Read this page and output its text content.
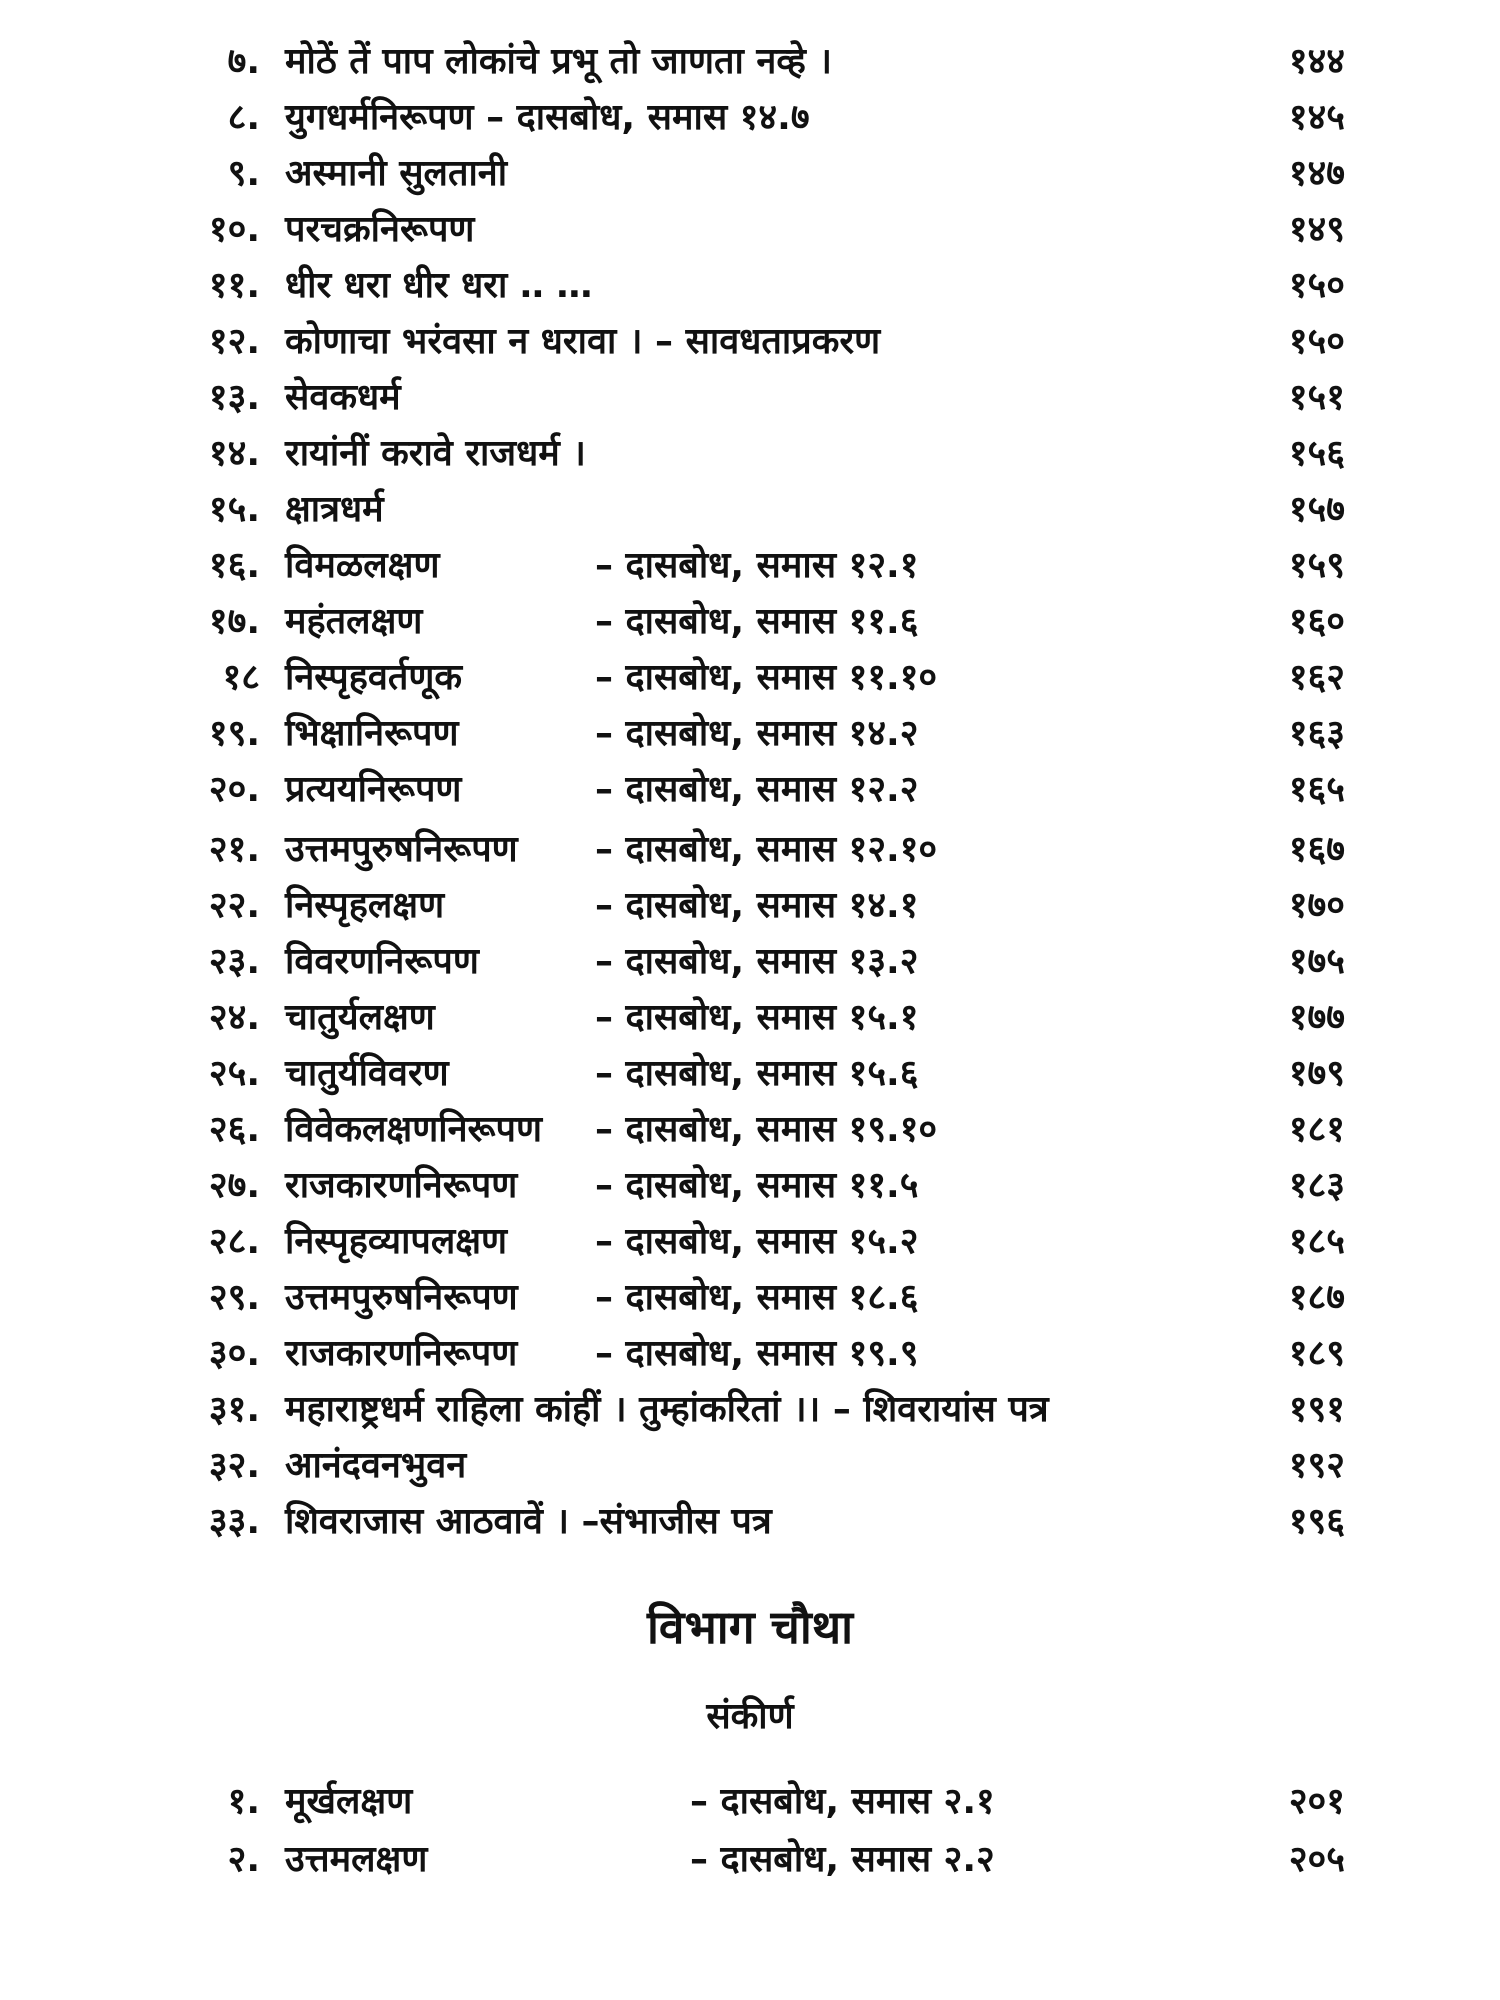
७. मोठें तें पाप लोकांचे प्रभू तो जाणता नव्हे ।	१४४
८. युगधर्मनिरूपण – दासबोध, समास १४.७	१४५
९. अस्मानी सुलतानी	१४७
१०. परचक्रनिरूपण	१४९
११. धीर धरा धीर धरा ‥ …	१५०
१२. कोणाचा भरंवसा न धरावा । – सावधताप्रकरण	१५०
१३. सेवकधर्म	१५१
१४. रायांनीं करावे राजधर्म ।	१५६
१५. क्षात्रधर्म	१५७
१६. विमळलक्षण	– दासबोध, समास १२.१	१५९
१७. महंतलक्षण	– दासबोध, समास ११.६	१६०
१८ निस्पृहवर्तणूक	– दासबोध, समास ११.१०	१६२
१९. भिक्षानिरूपण	– दासबोध, समास १४.२	१६३
२०. प्रत्ययनिरूपण	– दासबोध, समास १२.२	१६५
२१. उत्तमपुरुषनिरूपण – दासबोध, समास १२.१०	१६७
२२. निस्पृहलक्षण	– दासबोध, समास १४.१	१७०
२३. विवरणनिरूपण	– दासबोध, समास १३.२	१७५
२४. चातुर्यलक्षण	– दासबोध, समास १५.१	१७७
२५. चातुर्यविवरण	– दासबोध, समास १५.६	१७९
२६. विवेकलक्षणनिरूपण – दासबोध, समास १९.१०	१८१
२७. राजकारणनिरूपण – दासबोध, समास ११.५	१८३
२८. निस्पृहव्यापलक्षण – दासबोध, समास १५.२	१८५
२९. उत्तमपुरुषनिरूपण – दासबोध, समास १८.६	१८७
३०. राजकारणनिरूपण – दासबोध, समास १९.९	१८९
३१. महाराष्ट्रधर्म राहिला कांहीं । तुम्हांकरितां ।। – शिवरायांस पत्र	१९१
३२. आनंदवनभुवन	१९२
३३. शिवराजास आठवावें । –संभाजीस पत्र	१९६
विभाग चौथा
संकीर्ण
१. मूर्खलक्षण	– दासबोध, समास २.१	२०१
२. उत्तमलक्षण	– दासबोध, समास २.२	२०५
